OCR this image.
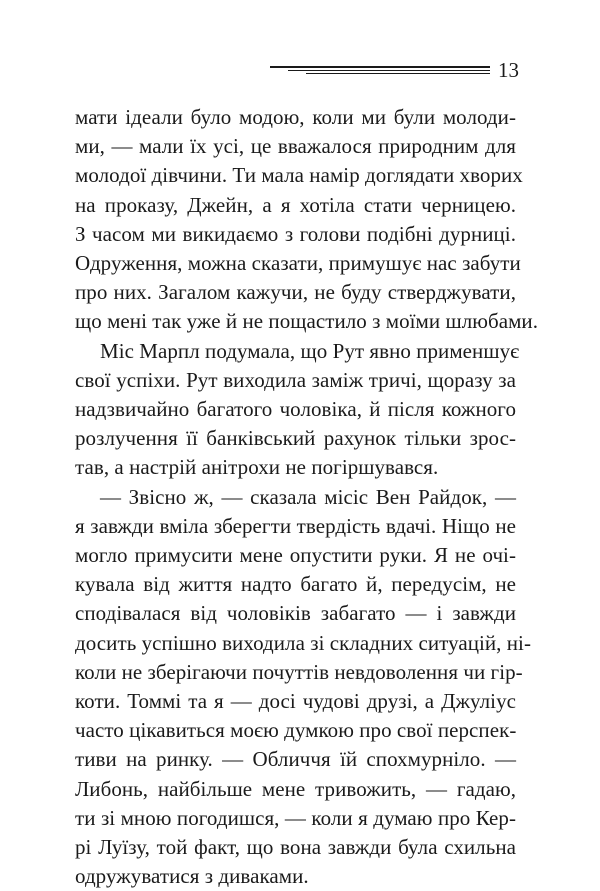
13
мати ідеали було модою, коли ми були молоди-
ми, — мали їх усі, це вважалося природним для
молодої дівчини. Ти мала намір доглядати хворих
на проказу, Джейн, а я хотіла стати черницею.
З часом ми викидаємо з голови подібні дурниці.
Одруження, можна сказати, примушує нас забути
про них. Загалом кажучи, не буду стверджувати,
що мені так уже й не пощастило з моїми шлюбами.
Міс Марпл подумала, що Рут явно применшує
свої успіхи. Рут виходила заміж тричі, щоразу за
надзвичайно багатого чоловіка, й після кожного
розлучення її банківський рахунок тільки зрос-
тав, а настрій анітрохи не погіршувався.
— Звісно ж, — сказала місіс Вен Райдок, —
я завжди вміла зберегти твердість вдачі. Ніщо не
могло примусити мене опустити руки. Я не очі-
кувала від життя надто багато й, передусім, не
сподівалася від чоловіків забагато — і завжди
досить успішно виходила зі складних ситуацій, ні-
коли не зберігаючи почуттів невдоволення чи гір-
коти. Томмі та я — досі чудові друзі, а Джуліус
часто цікавиться моєю думкою про свої перспек-
тиви на ринку. — Обличчя їй спохмурніло. —
Либонь, найбільше мене тривожить, — гадаю,
ти зі мною погодишся, — коли я думаю про Кер-
рі Луїзу, той факт, що вона завжди була схильна
одружуватися з диваками.
